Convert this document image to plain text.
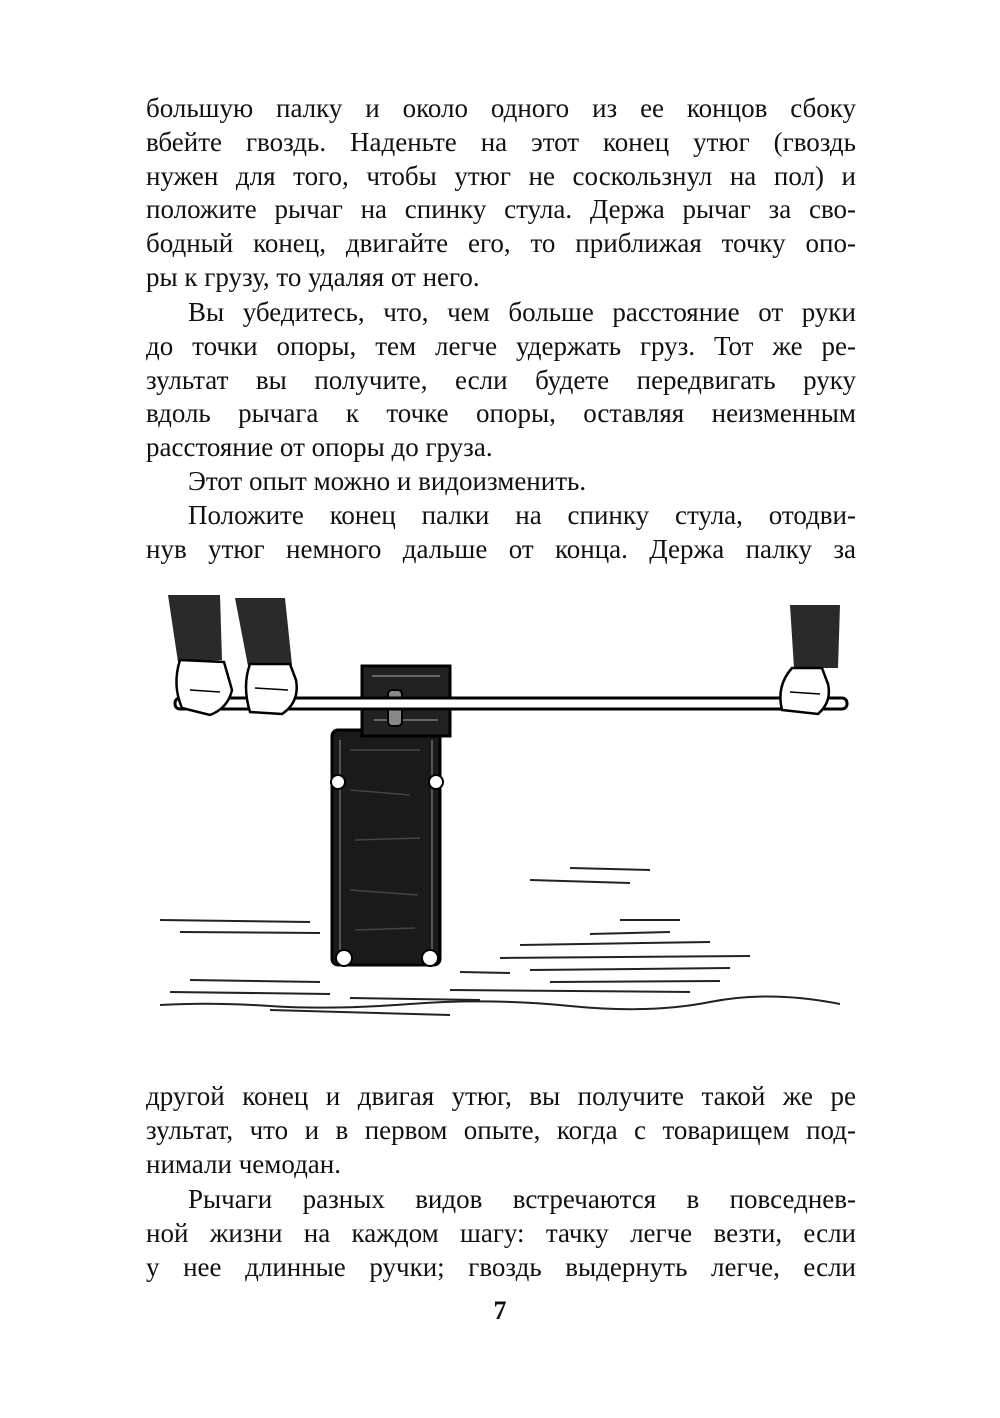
большую палку и около одного из ее концов сбоку
вбейте гвоздь. Наденьте на этот конец утюг (гвоздь
нужен для того, чтобы утюг не соскользнул на пол) и
положите рычаг на спинку стула. Держа рычаг за сво-
бодный конец, двигайте его, то приближая точку опо-
ры к грузу, то удаляя от него.
Вы убедитесь, что, чем больше расстояние от руки
до точки опоры, тем легче удержать груз. Тот же ре-
зультат вы получите, если будете передвигать руку
вдоль рычага к точке опоры, оставляя неизменным
расстояние от опоры до груза.
Этот опыт можно и видоизменить.
Положите конец палки на спинку стула, отодви-
нув утюг немного дальше от конца. Держа палку за
другой конец и двигая утюг, вы получите такой же ре
зультат, что и в первом опыте, когда с товарищем под-
нимали чемодан.
Рычаги разных видов встречаются в повседнев-
ной жизни на каждом шагу: тачку легче везти, если
у нее длинные ручки; гвоздь выдернуть легче, если
7
